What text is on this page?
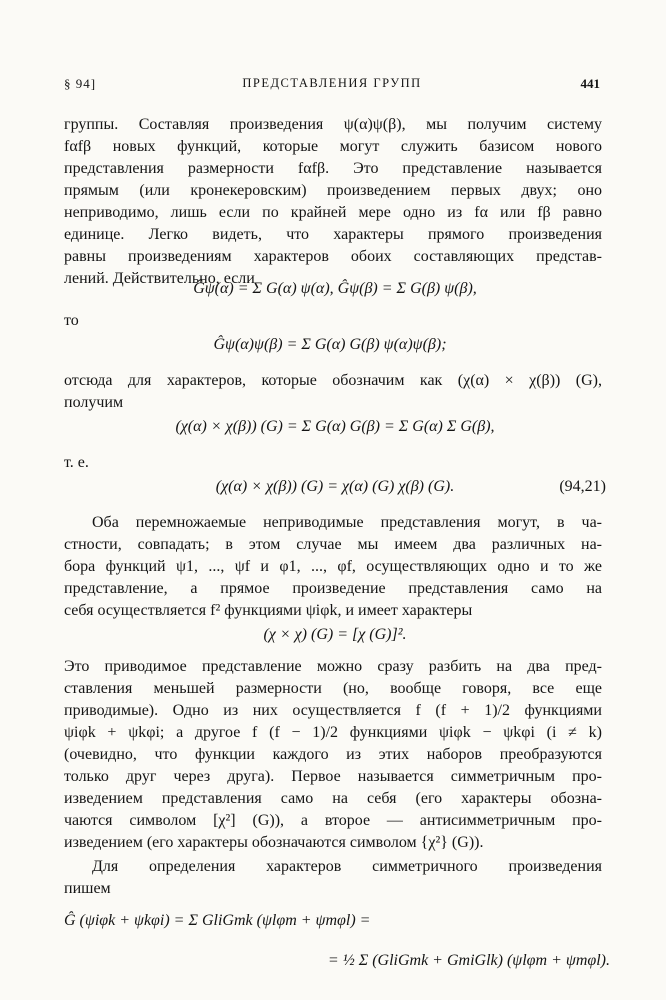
§ 94]	ПРЕДСТАВЛЕНИЯ ГРУПП	441
группы. Составляя произведения ψ(α)ψ(β), мы получим систему
fαfβ новых функций, которые могут служить базисом нового
представления размерности fαfβ. Это представление называется
прямым (или кронекеровским) произведением первых двух; оно
неприводимо, лишь если по крайней мере одно из fα или fβ равно
единице. Легко видеть, что характеры прямого произведения
равны произведениям характеров обоих составляющих представ-
лений. Действительно, если
Ĝψ(α) = Σ G(α) ψ(α), Ĝψ(β) = Σ G(β) ψ(β),
то
Ĝψ(α)ψ(β) = Σ G(α) G(β) ψ(α)ψ(β);
отсюда для характеров, которые обозначим как (χ(α) × χ(β)) (G),
получим
(χ(α) × χ(β)) (G) = Σ G(α) G(β) = Σ G(α) Σ G(β),
т. е.
(χ(α) × χ(β)) (G) = χ(α) (G) χ(β) (G).	(94,21)
Оба перемножаемые неприводимые представления могут, в ча-
стности, совпадать; в этом случае мы имеем два различных на-
бора функций ψ1, ..., ψf и φ1, ..., φf, осуществляющих одно и то же
представление, а прямое произведение представления само на
себя осуществляется f² функциями ψiφk, и имеет характеры
(χ × χ) (G) = [χ (G)]².
Это приводимое представление можно сразу разбить на два пред-
ставления меньшей размерности (но, вообще говоря, все еще
приводимые). Одно из них осуществляется f (f + 1)/2 функциями
ψiφk + ψkφi; а другое f (f − 1)/2 функциями ψiφk − ψkφi (i ≠ k)
(очевидно, что функции каждого из этих наборов преобразуются
только друг через друга). Первое называется симметричным про-
изведением представления само на себя (его характеры обозна-
чаются символом [χ²] (G)), а второе — антисимметричным про-
изведением (его характеры обозначаются символом {χ²} (G)).
Для определения характеров симметричного произведения
пишем
Ĝ (ψiφk + ψkφi) = Σ GliGmk (ψlφm + ψmφl) =
= ½ Σ (GliGmk + GmiGlk) (ψlφm + ψmφl).
